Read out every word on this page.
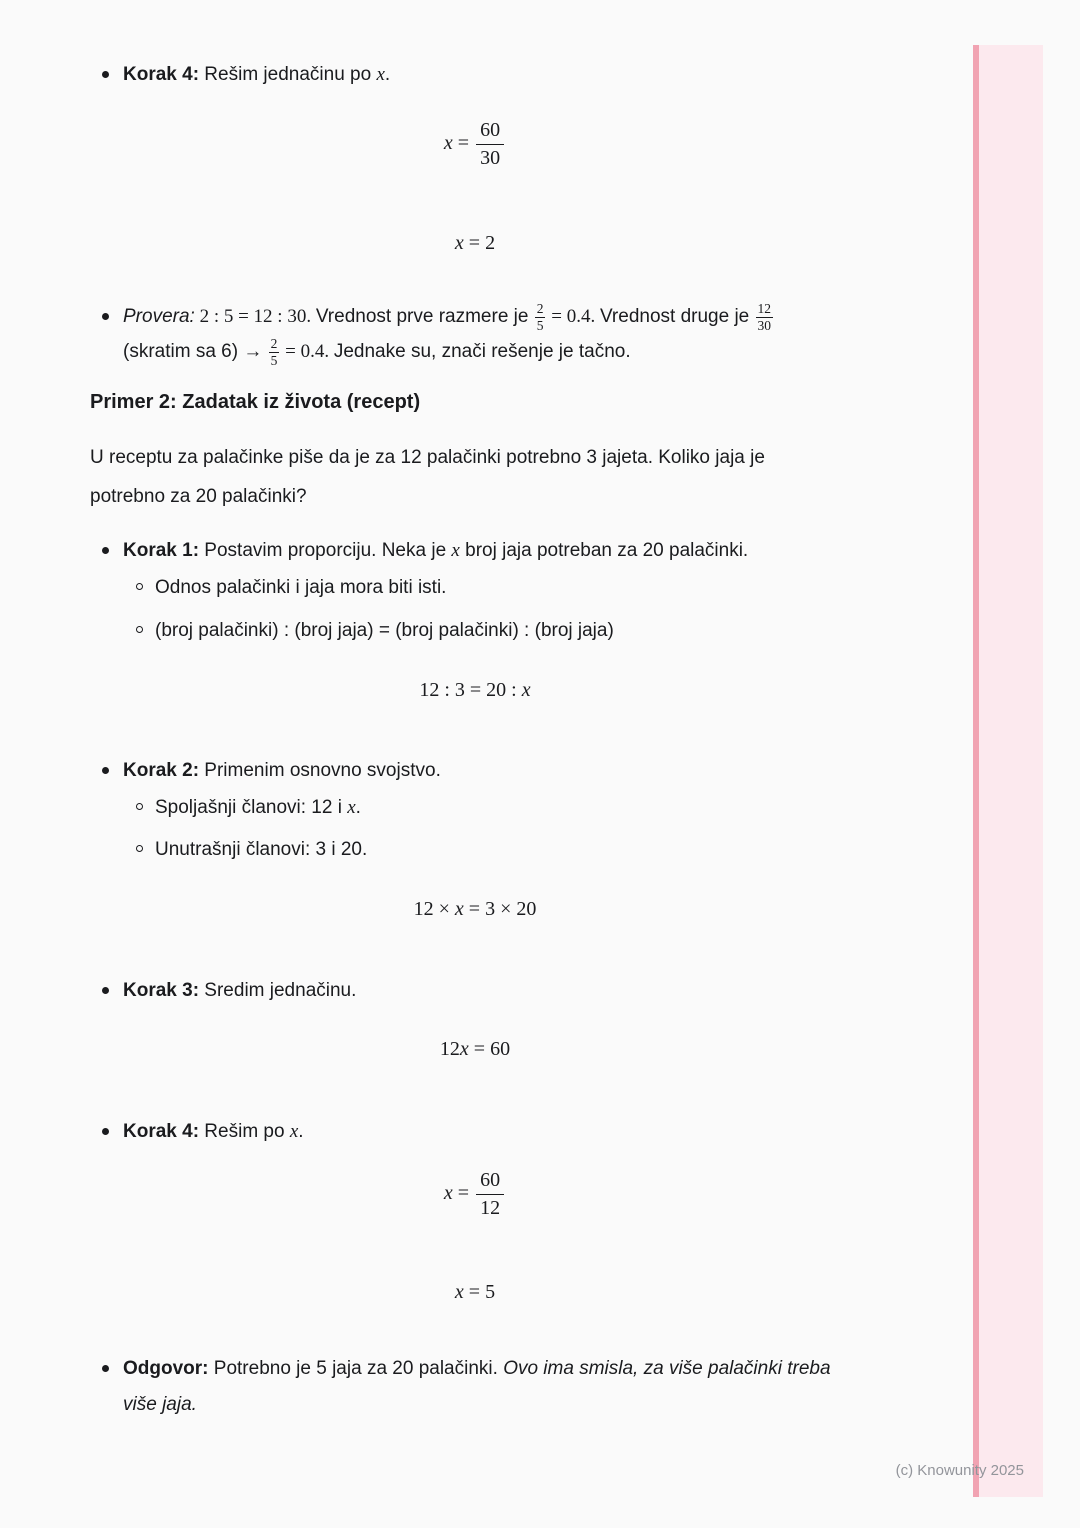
Korak 4: Rešim jednačinu po x.
$x = \frac{60}{30}$
x = 2
Provera: 2 : 5 = 12 : 30. Vrednost prve razmere je $\frac{2}{5} = 0.4$. Vrednost druge je $\frac{12}{30}$
(skratim sa $6) \to \frac{2}{5} = 0.4$. Jednake su, znači rešenje je tačno.
Primer 2: Zadatak iz života (recept)

U receptu za palačinke piše da je za 12 palačinki potrebno 3 jajeta. Koliko jaja je potrebno za 20 palačinki?

Korak 1: Postavim proporciju. Neka je x broj jaja potreban za 20 palačinki.
Odnos palačinki i jaja mora biti isti.
(broj palačinki) : (broj jaja) = (broj palačinki) : (broj jaja)
12 : 3 = 20 : x
Korak 2: Primenim osnovno svojstvo.
Spoljašnji članovi: 12 i x.
Unutrašnji članovi: 3 i 20.
12 × x = 3 × 20
Korak 3: Sredim jednačinu.
12x = 60
Korak 4: Rešim po x.
$x = \frac{60}{12}$
x = 5
Odgovor: Potrebno je 5 jaja za 20 palačinki. Ovo ima smisla, za više palačinki treba više jaja.
(c) Knowunity 2025
